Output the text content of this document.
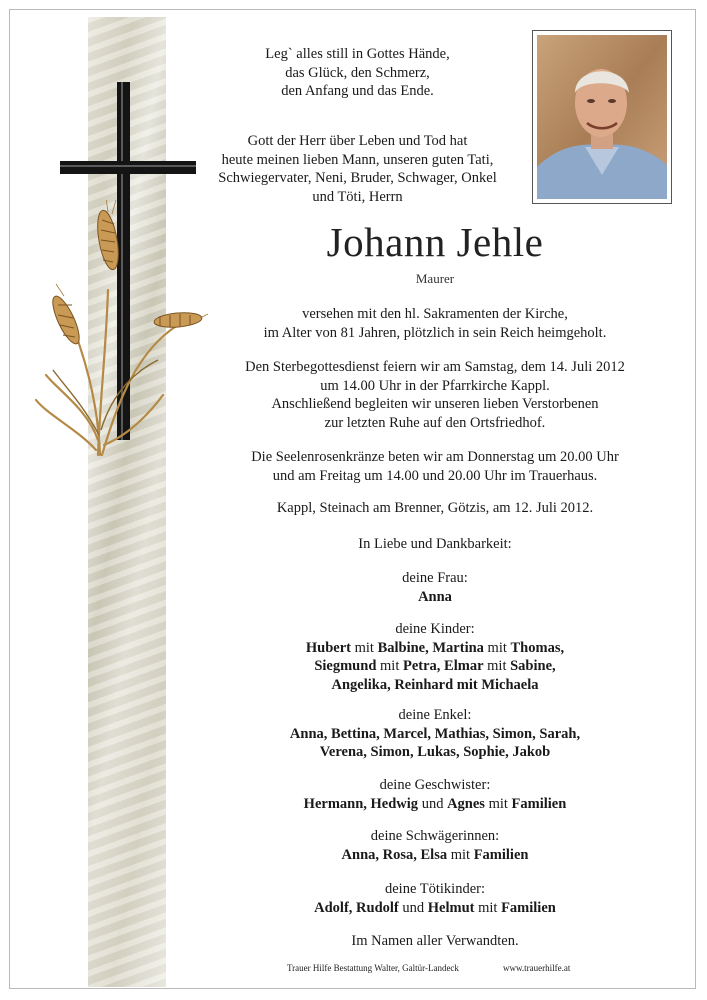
Leg` alles still in Gottes Hände,

das Glück, den Schmerz,

den Anfang und das Ende.

Gott der Herr über Leben und Tod hat

heute meinen lieben Mann, unseren guten Tati,

Schwiegervater, Neni, Bruder, Schwager, Onkel

und Töti, Herrn

Johann Jehle
Maurer

versehen mit den hl. Sakramenten der Kirche,

im Alter von 81 Jahren, plötzlich in sein Reich heimgeholt.

Den Sterbegottesdienst feiern wir am Samstag, dem 14. Juli 2012

um 14.00 Uhr in der Pfarrkirche Kappl.

Anschließend begleiten wir unseren lieben Verstorbenen

zur letzten Ruhe auf den Ortsfriedhof.

Die Seelenrosenkränze beten wir am Donnerstag um 20.00 Uhr

und am Freitag um 14.00 und 20.00 Uhr im Trauerhaus.

Kappl, Steinach am Brenner, Götzis, am 12. Juli 2012.
In Liebe und Dankbarkeit:

deine Frau:

Anna

deine Kinder:

Hubert mit Balbine, Martina mit Thomas,

Siegmund mit Petra, Elmar mit Sabine,

Angelika, Reinhard mit Michaela

deine Enkel:

Anna, Bettina, Marcel, Mathias, Simon, Sarah,

Verena, Simon, Lukas, Sophie, Jakob

deine Geschwister:

Hermann, Hedwig und Agnes mit Familien

deine Schwägerinnen:

Anna, Rosa, Elsa mit Familien

deine Tötikinder:

Adolf, Rudolf und Helmut mit Familien

Im Namen aller Verwandten.
Trauer Hilfe Bestattung Walter, Galtür-Landeck	www.trauerhilfe.at
